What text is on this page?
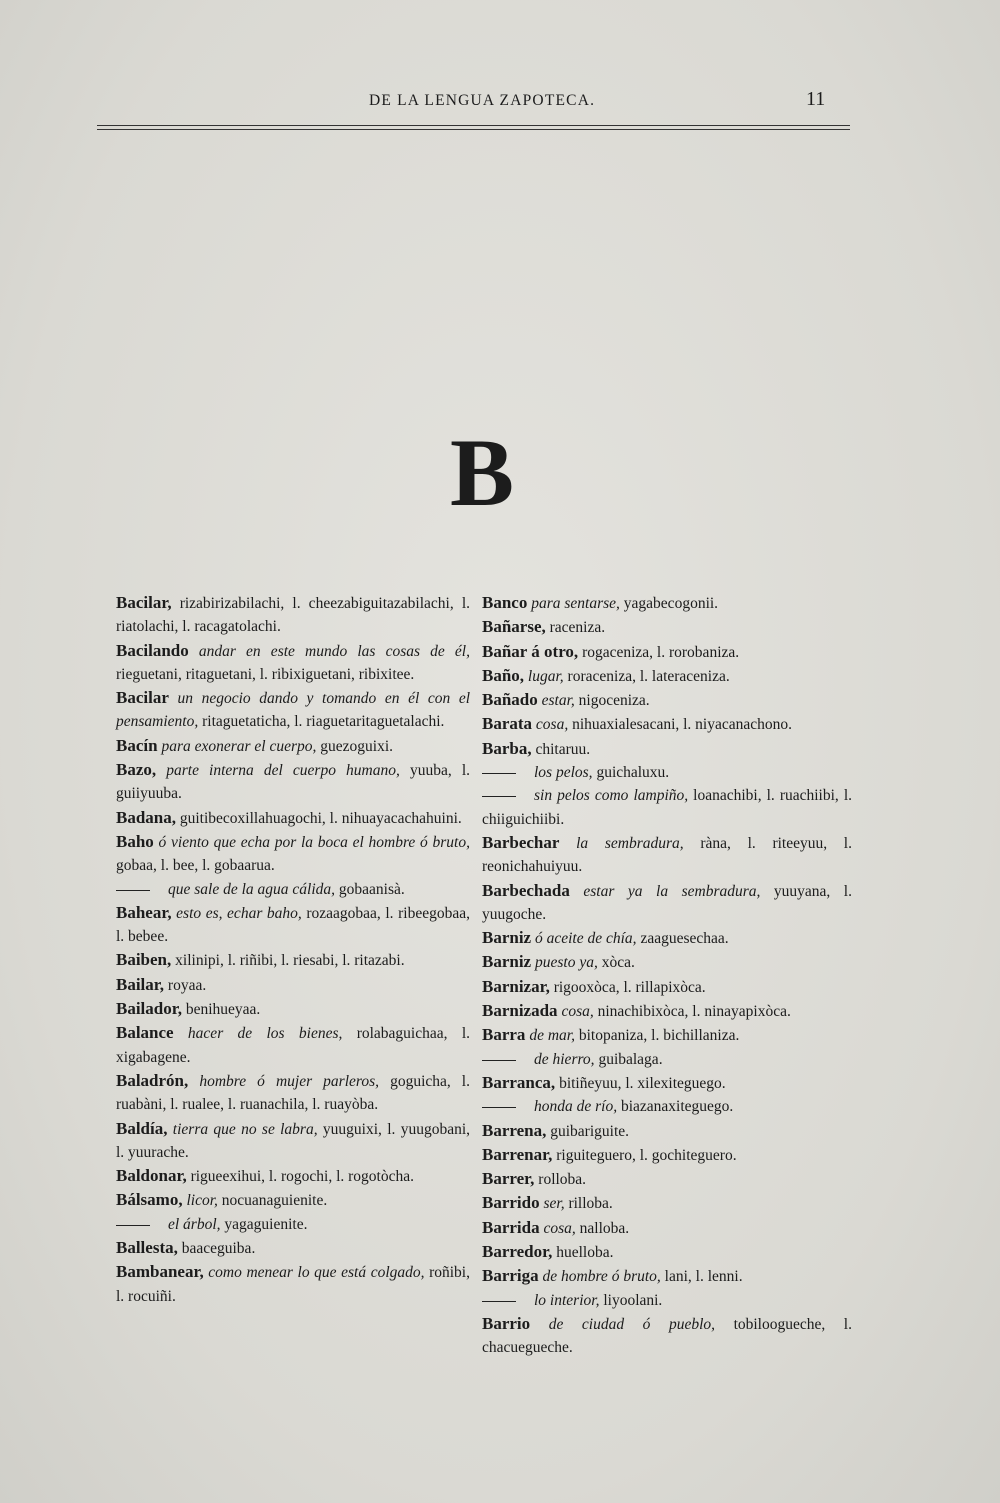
DE LA LENGUA ZAPOTECA.	11
B

Bacilar, rizabirizabilachi, l. cheezabiguitazabilachi, l. riatolachi, l. racagatolachi.

Bacilando andar en este mundo las cosas de él, rieguetani, ritaguetani, l. ribixiguetani, ribixitee.

Bacilar un negocio dando y tomando en él con el pensamiento, ritaguetaticha, l. riaguetaritaguetalachi.

Bacín para exonerar el cuerpo, guezoguixi.

Bazo, parte interna del cuerpo humano, yuuba, l. guiiyuuba.

Badana, guitibecoxillahuagochi, l. nihuayacachahuini.

Baho ó viento que echa por la boca el hombre ó bruto, gobaa, l. bee, l. gobaarua.

que sale de la agua cálida, gobaanisà.

Bahear, esto es, echar baho, rozaagobaa, l. ribeegobaa, l. bebee.

Baiben, xilinipi, l. riñibi, l. riesabi, l. ritazabi.

Bailar, royaa.

Bailador, benihueyaa.

Balance hacer de los bienes, rolabaguichaa, l. xigabagene.

Baladrón, hombre ó mujer parleros, goguicha, l. ruabàni, l. rualee, l. ruanachila, l. ruayòba.

Baldía, tierra que no se labra, yuuguixi, l. yuugobani, l. yuurache.

Baldonar, rigueexihui, l. rogochi, l. rogotòcha.

Bálsamo, licor, nocuanaguienite.

el árbol, yagaguienite.

Ballesta, baaceguiba.

Bambanear, como menear lo que está colgado, roñibi, l. rocuiñi.

Banco para sentarse, yagabecogonii.

Bañarse, raceniza.

Bañar á otro, rogaceniza, l. rorobaniza.

Baño, lugar, roraceniza, l. lateraceniza.

Bañado estar, nigoceniza.

Barata cosa, nihuaxialesacani, l. niyacanachono.

Barba, chitaruu.

los pelos, guichaluxu.

sin pelos como lampiño, loanachibi, l. ruachiibi, l. chiiguichiibi.

Barbechar la sembradura, ràna, l. riteeyuu, l. reonichahuiyuu.

Barbechada estar ya la sembradura, yuuyana, l. yuugoche.

Barniz ó aceite de chía, zaaguesechaa.

Barniz puesto ya, xòca.

Barnizar, rigooxòca, l. rillapixòca.

Barnizada cosa, ninachibixòca, l. ninayapixòca.

Barra de mar, bitopaniza, l. bichillaniza.

de hierro, guibalaga.

Barranca, bitiñeyuu, l. xilexiteguego.

honda de río, biazanaxiteguego.

Barrena, guibariguite.

Barrenar, riguiteguero, l. gochiteguero.

Barrer, rolloba.

Barrido ser, rilloba.

Barrida cosa, nalloba.

Barredor, huelloba.

Barriga de hombre ó bruto, lani, l. lenni.

lo interior, liyoolani.

Barrio de ciudad ó pueblo, tobiloogueche, l. chacuegueche.
